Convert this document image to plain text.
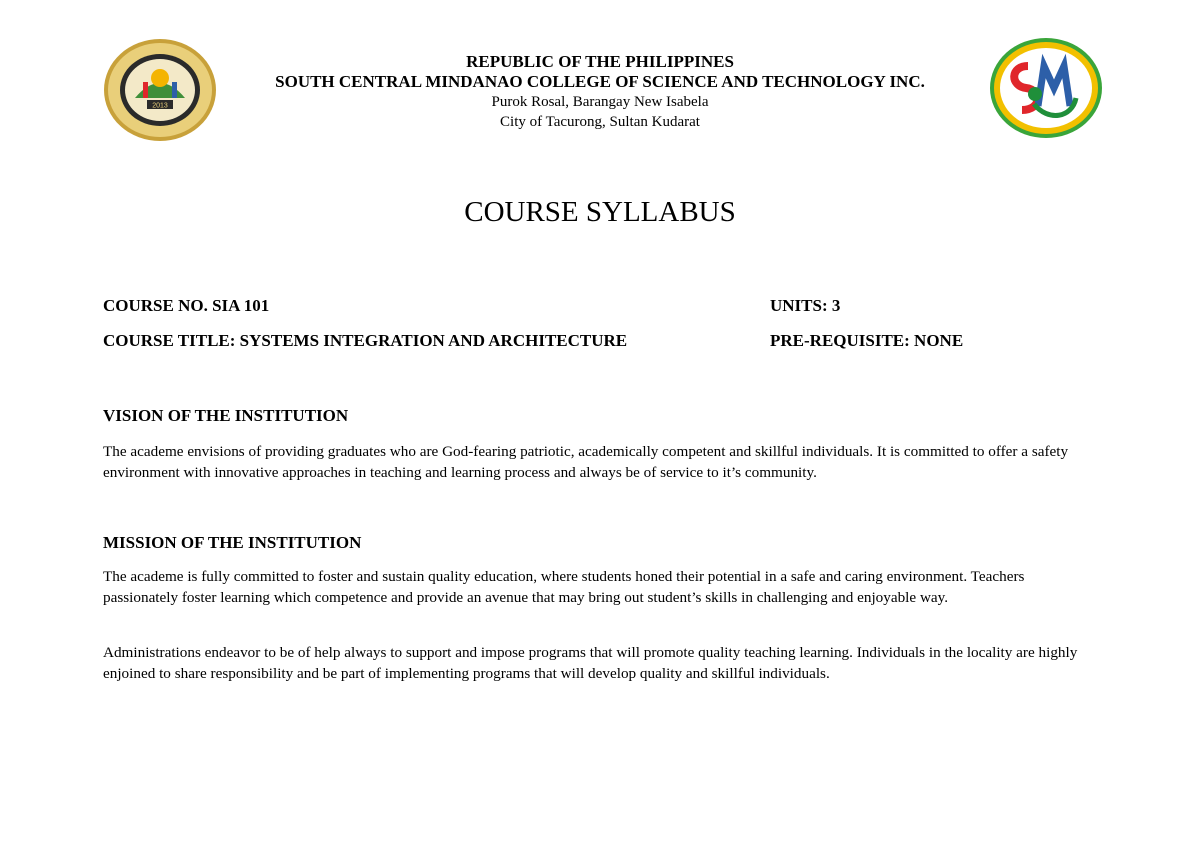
2013
REPUBLIC OF THE PHILIPPINES
SOUTH CENTRAL MINDANAO COLLEGE OF SCIENCE AND TECHNOLOGY INC.
Purok Rosal, Barangay New Isabela
City of Tacurong, Sultan Kudarat
COURSE SYLLABUS
COURSE NO. SIA 101	UNITS: 3
COURSE TITLE: SYSTEMS INTEGRATION AND ARCHITECTURE	PRE-REQUISITE: NONE
VISION OF THE INSTITUTION
The academe envisions of providing graduates who are God-fearing patriotic, academically competent and skillful individuals. It is committed to offer a safety environment with innovative approaches in teaching and learning process and always be of service to it’s community.
MISSION OF THE INSTITUTION
The academe is fully committed to foster and sustain quality education, where students honed their potential in a safe and caring environment. Teachers passionately foster learning which competence and provide an avenue that may bring out student’s skills in challenging and enjoyable way.
Administrations endeavor to be of help always to support and impose programs that will promote quality teaching learning. Individuals in the locality are highly enjoined to share responsibility and be part of implementing programs that will develop quality and skillful individuals.
